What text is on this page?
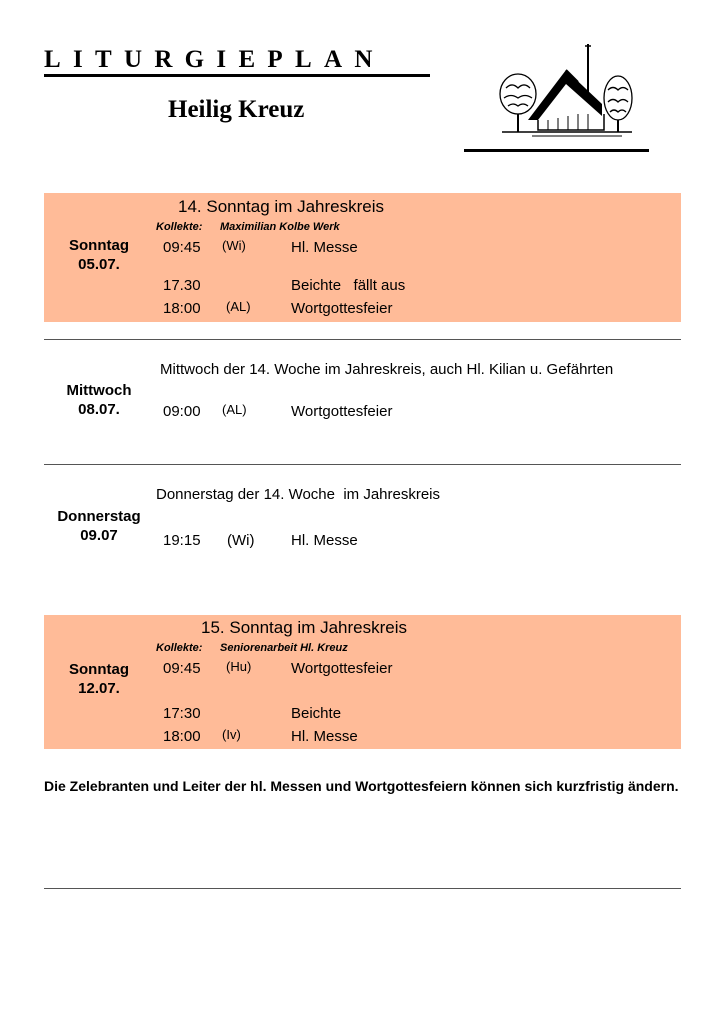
LITURGIEPLAN
Heilig Kreuz
Sonntag
05.07.
14. Sonntag im Jahreskreis
Kollekte: Maximilian Kolbe Werk
09:45 (Wi)	Hl. Messe
17.30	Beichte   fällt aus
18:00 (AL)	Wortgottesfeier
Mittwoch
08.07.
Mittwoch der 14. Woche im Jahreskreis, auch Hl. Kilian u. Gefährten
09:00 (AL)	Wortgottesfeier
Donnerstag
09.07
Donnerstag der 14. Woche  im Jahreskreis
19:15 (Wi) Hl. Messe
Sonntag
12.07.
15. Sonntag im Jahreskreis
Kollekte: Seniorenarbeit Hl. Kreuz
09:45 (Hu)	Wortgottesfeier
17:30	Beichte
18:00 (Iv)	Hl. Messe
Die Zelebranten und Leiter der hl. Messen und Wortgottesfeiern können sich kurzfristig ändern.
